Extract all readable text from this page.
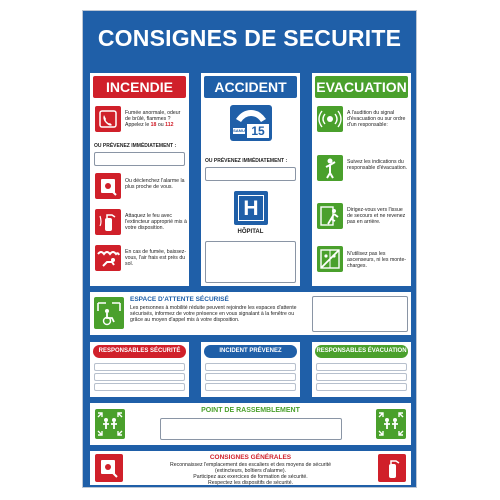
CONSIGNES DE SECURITE
INCENDIE
Fumée anormale, odeur de brûlé, flammes ? Appelez le 18 ou 112
OU PRÉVENEZ IMMÉDIATEMENT :
Ou déclenchez l'alarme la plus proche de vous.
Attaquez le feu avec l'extincteur approprié mis à votre disposition.
En cas de fumée, baissez-vous, l'air frais est près du sol.
ACCIDENT
SAMU 15
OU PRÉVENEZ IMMÉDIATEMENT :
H
HÔPITAL
EVACUATION
A l'audition du signal d'évacuation ou sur ordre d'un responsable:
Suivez les indications du responsable d'évacuation.
Dirigez-vous vers l'issue de secours et ne revenez pas en arrière.
N'utilisez pas les ascenseurs, ni les monte-charges.
ESPACE D'ATTENTE SÉCURISÉ
Les personnes à mobilité réduite peuvent rejoindre les espaces d'attente sécurisés, informez de votre présence en vous signalant à la fenêtre ou grâce au moyen d'appel mis à votre disposition.
RESPONSABLES SÉCURITÉ	INCIDENT PRÉVENEZ	RESPONSABLES ÉVACUATION
POINT DE RASSEMBLEMENT
CONSIGNES GÉNÉRALES
Reconnaissez l'emplacement des escaliers et des moyens de sécurité
(extincteurs, boîtiers d'alarme).
Participez aux exercices de formation de sécurité.
Respectez les dispositifs de sécurité.
